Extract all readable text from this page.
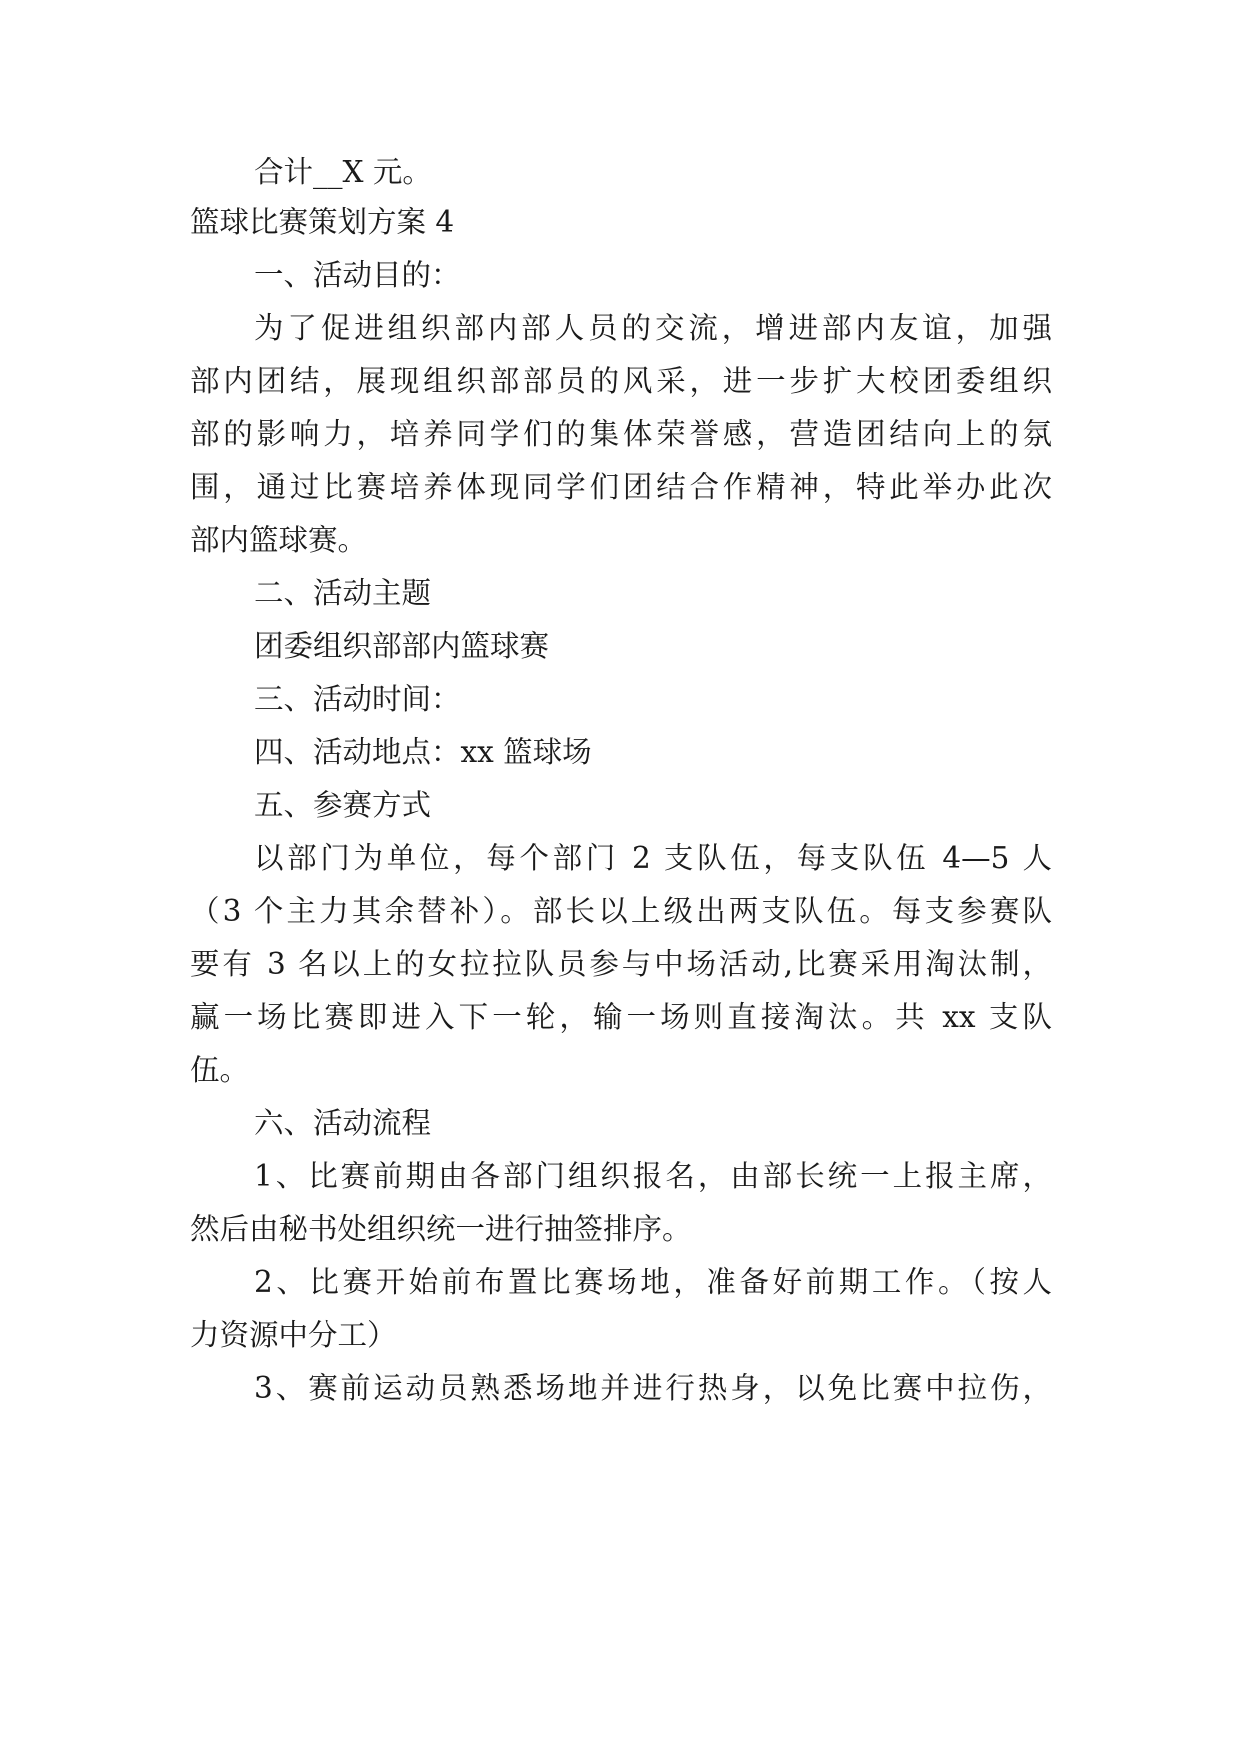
合计__X 元。
篮球比赛策划方案 4
一、活动目的：
为了促进组织部内部人员的交流，增进部内友谊，加强
部内团结，展现组织部部员的风采，进一步扩大校团委组织
部的影响力，培养同学们的集体荣誉感，营造团结向上的氛
围，通过比赛培养体现同学们团结合作精神，特此举办此次
部内篮球赛。
二、活动主题
团委组织部部内篮球赛
三、活动时间：
四、活动地点：xx 篮球场
五、参赛方式
以部门为单位，每个部门 2 支队伍，每支队伍 4—5 人
（3 个主力其余替补）。部长以上级出两支队伍。每支参赛队
要有 3 名以上的女拉拉队员参与中场活动,比赛采用淘汰制，
赢一场比赛即进入下一轮，输一场则直接淘汰。共 xx 支队
伍。
六、活动流程
1、比赛前期由各部门组织报名，由部长统一上报主席，
然后由秘书处组织统一进行抽签排序。
2、比赛开始前布置比赛场地，准备好前期工作。（按人
力资源中分工）
3、赛前运动员熟悉场地并进行热身，以免比赛中拉伤，
